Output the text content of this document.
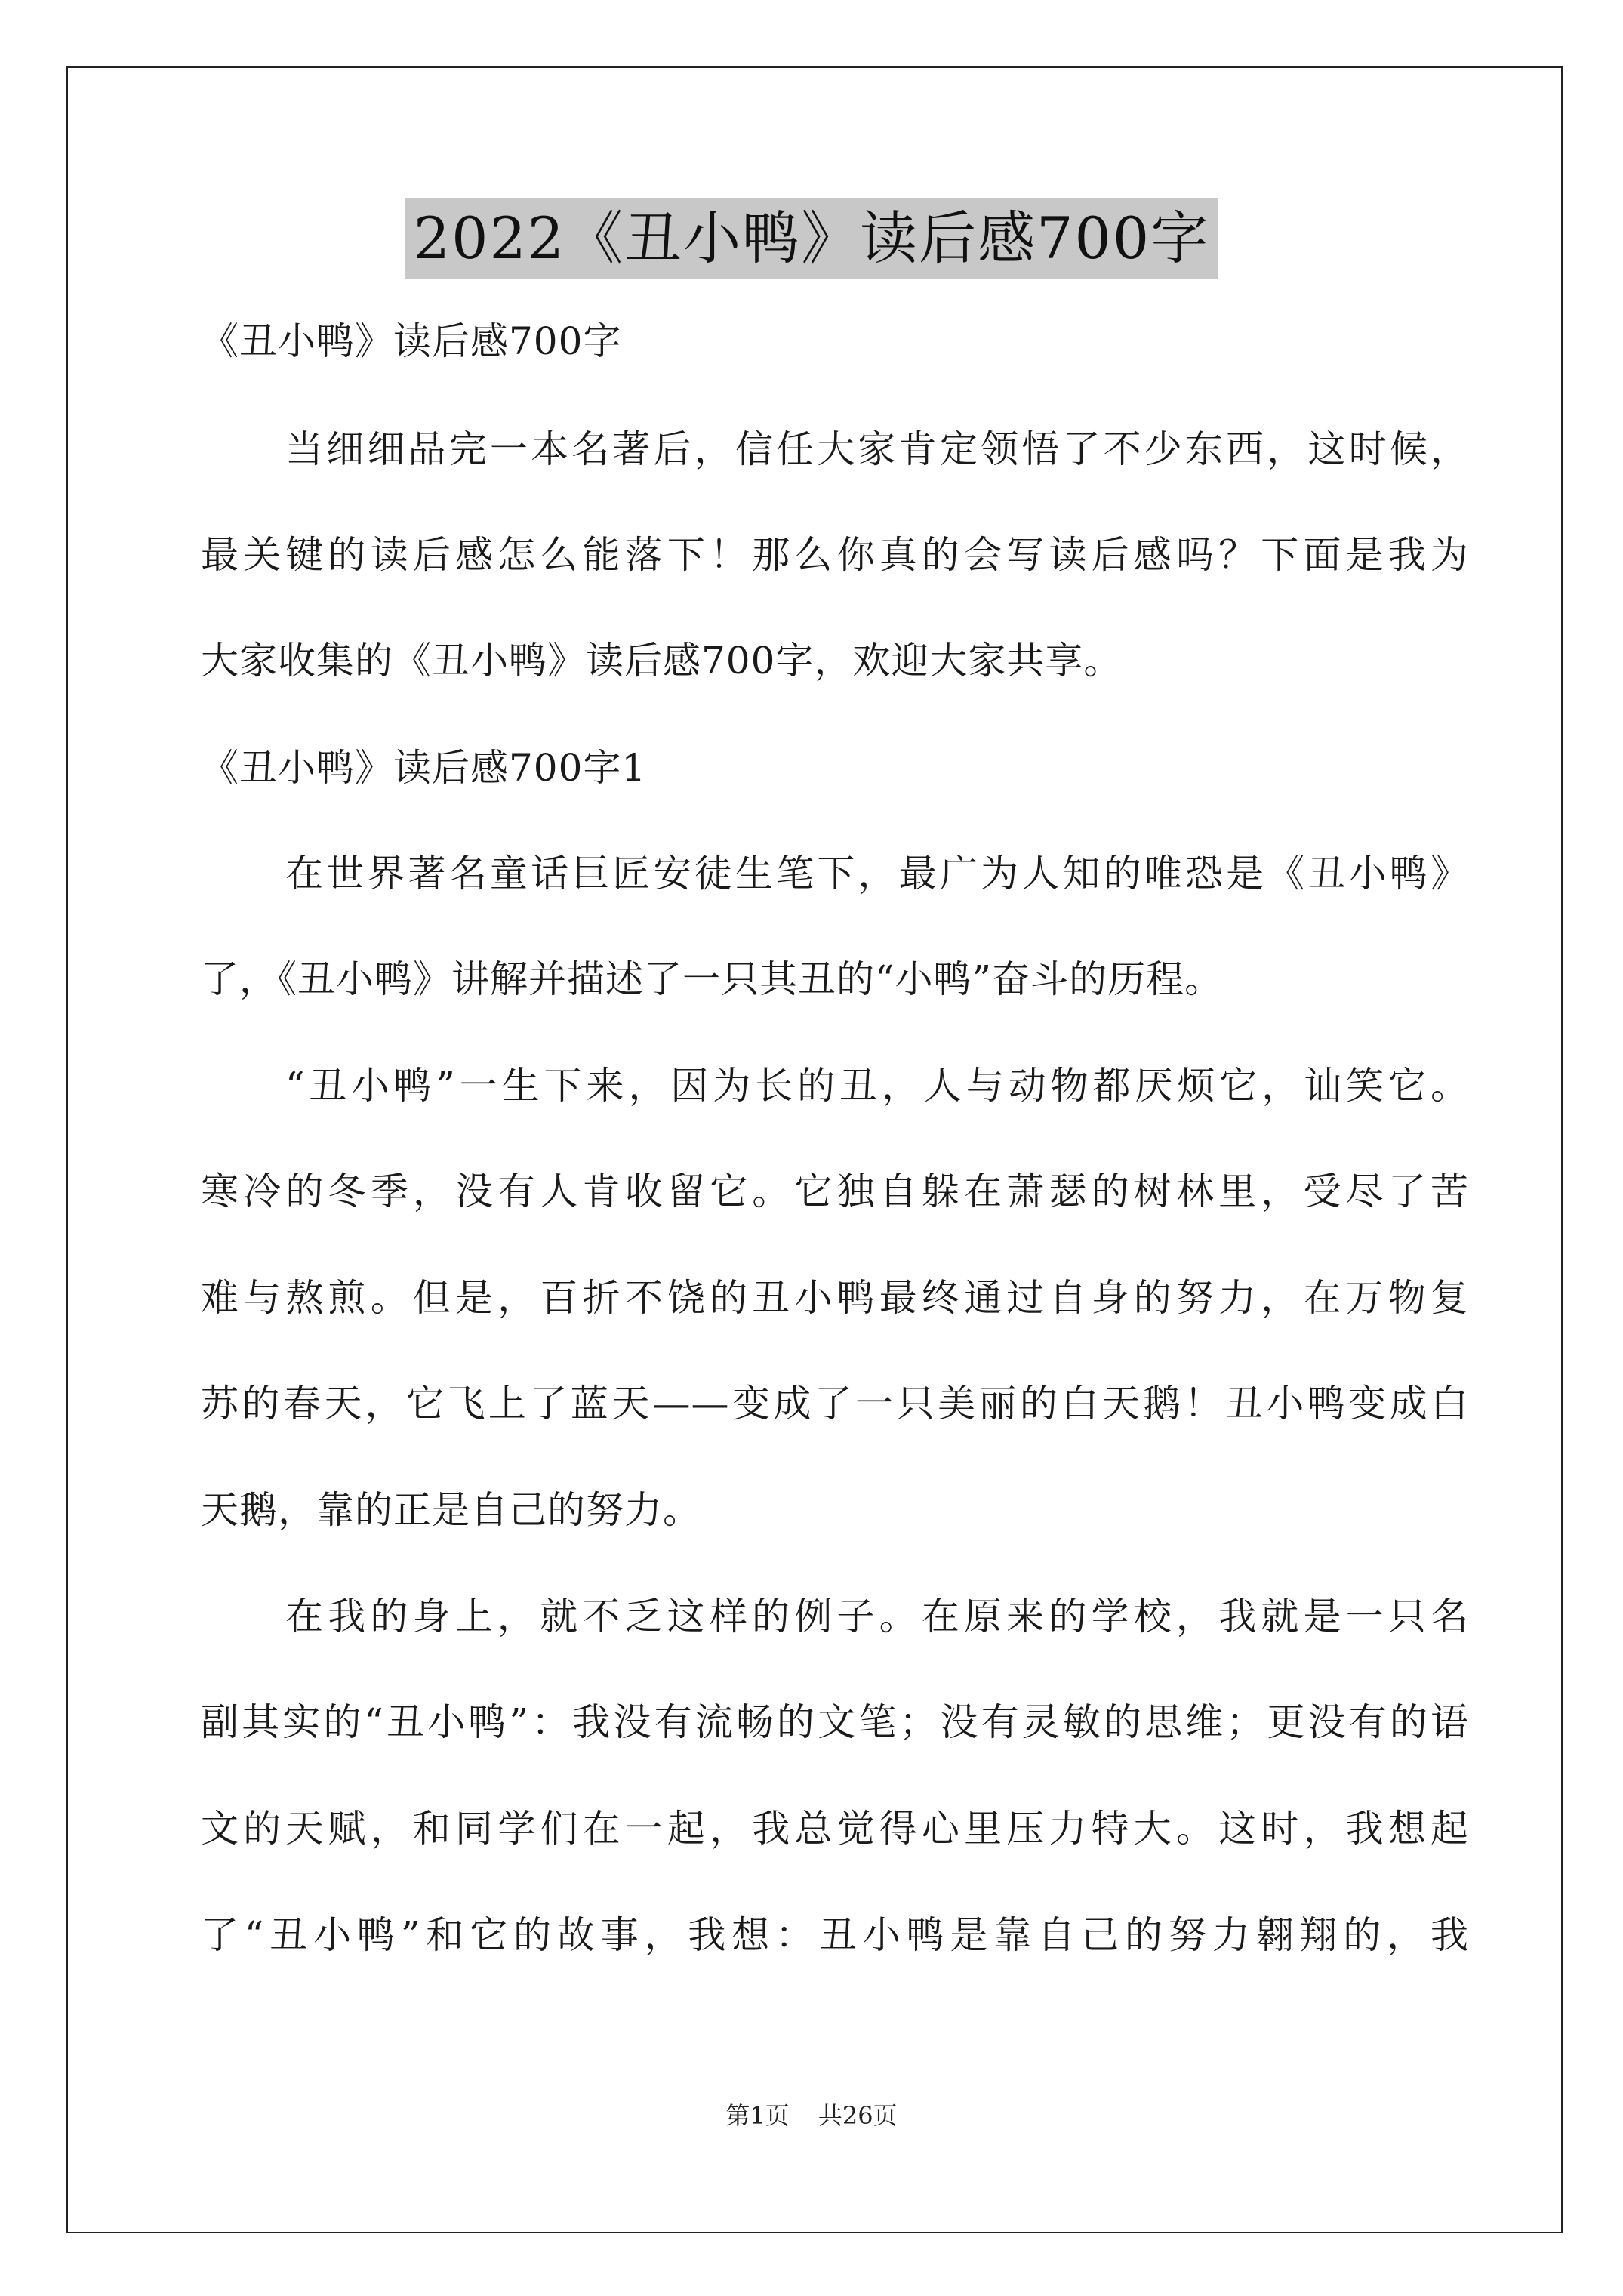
2022《丑小鸭》读后感700字
《丑小鸭》读后感700字
当细细品完一本名著后，信任大家肯定领悟了不少东西，这时候，
最关键的读后感怎么能落下！那么你真的会写读后感吗？下面是我为
大家收集的《丑小鸭》读后感700字，欢迎大家共享。
《丑小鸭》读后感700字1
在世界著名童话巨匠安徒生笔下，最广为人知的唯恐是《丑小鸭》
了，《丑小鸭》讲解并描述了一只其丑的“小鸭”奋斗的历程。
“丑小鸭”一生下来，因为长的丑，人与动物都厌烦它，讪笑它。
寒冷的冬季，没有人肯收留它。它独自躲在萧瑟的树林里，受尽了苦
难与熬煎。但是，百折不饶的丑小鸭最终通过自身的努力，在万物复
苏的春天，它飞上了蓝天——变成了一只美丽的白天鹅！丑小鸭变成白
天鹅，靠的正是自己的努力。
在我的身上，就不乏这样的例子。在原来的学校，我就是一只名
副其实的“丑小鸭”：我没有流畅的文笔；没有灵敏的思维；更没有的语
文的天赋，和同学们在一起，我总觉得心里压力特大。这时，我想起
了“丑小鸭”和它的故事，我想：丑小鸭是靠自己的努力翱翔的，我
第1页 共26页
